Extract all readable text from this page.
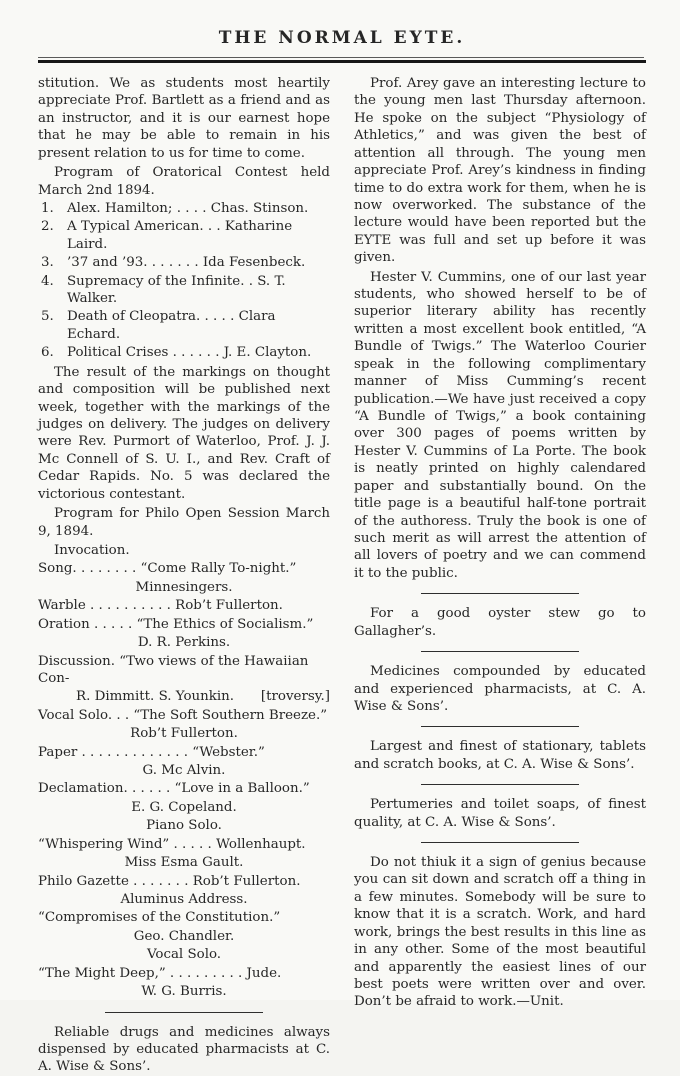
THE NORMAL EYTE.

stitution. We as students most heartily appreciate Prof. Bartlett as a friend and as an instructor, and it is our earnest hope that he may be able to remain in his present relation to us for time to come.

Program of Oratorical Contest held March 2nd 1894.

1. Alex. Hamilton; . . . . Chas. Stinson.
2. A Typical American. . . Katharine Laird.
3. ’37 and ’93. . . . . . . Ida Fesenbeck.
4. Supremacy of the Infinite. . S. T. Walker.
5. Death of Cleopatra. . . . . Clara Echard.
6. Political Crises . . . . . . J. E. Clayton.

The result of the markings on thought and composition will be published next week, together with the markings of the judges on delivery. The judges on delivery were Rev. Purmort of Waterloo, Prof. J. J. Mc Connell of S. U. I., and Rev. Craft of Cedar Rapids. No. 5 was declared the victorious contestant.

Program for Philo Open Session March 9, 1894.

Invocation.

Song. . . . . . . . “Come Rally To-night.”
Minnesingers.
Warble . . . . . . . . . . Rob’t Fullerton.
Oration . . . . . “The Ethics of Socialism.”
D. R. Perkins.
Discussion. “Two views of the Hawaiian Con-
R. Dimmitt. S. Younkin. [troversy.]
Vocal Solo. . . “The Soft Southern Breeze.”
Rob’t Fullerton.
Paper . . . . . . . . . . . . . “Webster.”
G. Mc Alvin.
Declamation. . . . . . “Love in a Balloon.”
E. G. Copeland.
Piano Solo.
“Whispering Wind” . . . . . Wollenhaupt.
Miss Esma Gault.
Philo Gazette . . . . . . . Rob’t Fullerton.
Aluminus Address.
“Compromises of the Constitution.”
Geo. Chandler.
Vocal Solo.
“The Might Deep,” . . . . . . . . . Jude.
W. G. Burris.

Reliable drugs and medicines always dispensed by educated pharmacists at C. A. Wise & Sons’.

Prof. Arey gave an interesting lecture to the young men last Thursday afternoon. He spoke on the subject “Physiology of Athletics,” and was given the best of attention all through. The young men appreciate Prof. Arey’s kindness in finding time to do extra work for them, when he is now overworked. The substance of the lecture would have been reported but the EYTE was full and set up before it was given.

Hester V. Cummins, one of our last year students, who showed herself to be of superior literary ability has recently written a most excellent book entitled, “A Bundle of Twigs.” The Waterloo Courier speak in the following complimentary manner of Miss Cumming’s recent publication.—We have just received a copy “A Bundle of Twigs,” a book containing over 300 pages of poems written by Hester V. Cummins of La Porte. The book is neatly printed on highly calendared paper and substantially bound. On the title page is a beautiful half-tone portrait of the authoress. Truly the book is one of such merit as will arrest the attention of all lovers of poetry and we can commend it to the public.

For a good oyster stew go to Gallagher’s.

Medicines compounded by educated and experienced pharmacists, at C. A. Wise & Sons’.

Largest and finest of stationary, tablets and scratch books, at C. A. Wise & Sons’.

Pertumeries and toilet soaps, of finest quality, at C. A. Wise & Sons’.

Do not thiuk it a sign of genius because you can sit down and scratch off a thing in a few minutes. Somebody will be sure to know that it is a scratch. Work, and hard work, brings the best results in this line as in any other. Some of the most beautiful and apparently the easiest lines of our best poets were written over and over. Don’t be afraid to work.—Unit.
